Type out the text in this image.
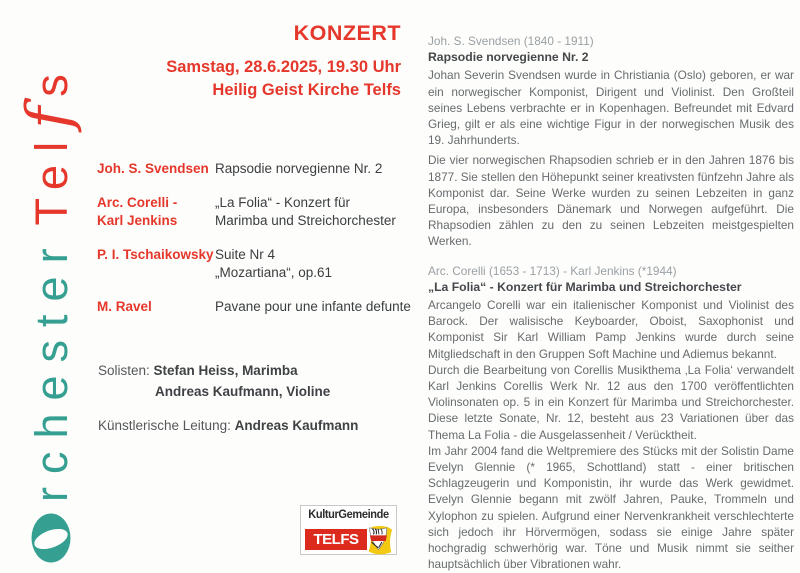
rchesterTelfs
KONZERT
Samstag, 28.6.2025, 19.30 Uhr
Heilig Geist Kirche Telfs
Joh. S. Svendsen Rapsodie norvegienne Nr. 2
Arc. Corelli -
Karl Jenkins
„La Folia“ - Konzert für
Marimba und Streichorchester
P. I. Tschaikowsky Suite Nr 4
„Mozartiana“, op.61
M. Ravel	Pavane pour une infante defunte
Solisten: Stefan Heiss, Marimba
Andreas Kaufmann, Violine
Künstlerische Leitung: Andreas Kaufmann
Joh. S. Svendsen (1840 - 1911)
Rapsodie norvegienne Nr. 2

Johan Severin Svendsen wurde in Christiania (Oslo) geboren, er war ein norwegischer Komponist, Dirigent und Violinist. Den Großteil seines Lebens verbrachte er in Kopenhagen. Befreundet mit Edvard Grieg, gilt er als eine wichtige Figur in der norwegischen Musik des 19. Jahrhunderts.

Die vier norwegischen Rhapsodien schrieb er in den Jahren 1876 bis 1877. Sie stellen den Höhepunkt seiner kreativsten fünfzehn Jahre als Komponist dar. Seine Werke wurden zu seinen Lebzeiten in ganz Europa, insbesonders Dänemark und Norwegen aufgeführt. Die Rhapsodien zählen zu den zu seinen Lebzeiten meistgespielten Werken.

Arc. Corelli (1653 - 1713) - Karl Jenkins (*1944)
„La Folia“ - Konzert für Marimba und Streichorchester

Arcangelo Corelli war ein italienischer Komponist und Violinist des Barock. Der walisische Keyboarder, Oboist, Saxophonist und Komponist Sir Karl William Pamp Jenkins wurde durch seine Mitgliedschaft in den Gruppen Soft Machine und Adiemus bekannt.

Durch die Bearbeitung von Corellis Musikthema ‚La Folia‘ verwandelt Karl Jenkins Corellis Werk Nr. 12 aus den 1700 veröffentlichten Violinsonaten op. 5 in ein Konzert für Marimba und Streichorchester. Diese letzte Sonate, Nr. 12, besteht aus 23 Variationen über das Thema La Folia - die Ausgelassenheit / Verücktheit.

Im Jahr 2004 fand die Weltpremiere des Stücks mit der Solistin Dame Evelyn Glennie (* 1965, Schottland) statt - einer britischen Schlagzeugerin und Komponistin, ihr wurde das Werk gewidmet. Evelyn Glennie begann mit zwölf Jahren, Pauke, Trommeln und Xylophon zu spielen. Aufgrund einer Nervenkrankheit verschlechterte sich jedoch ihr Hörvermögen, sodass sie einige Jahre später hochgradig schwerhörig war. Töne und Musik nimmt sie seither hauptsächlich über Vibrationen wahr.

KulturGemeinde
TELFS
